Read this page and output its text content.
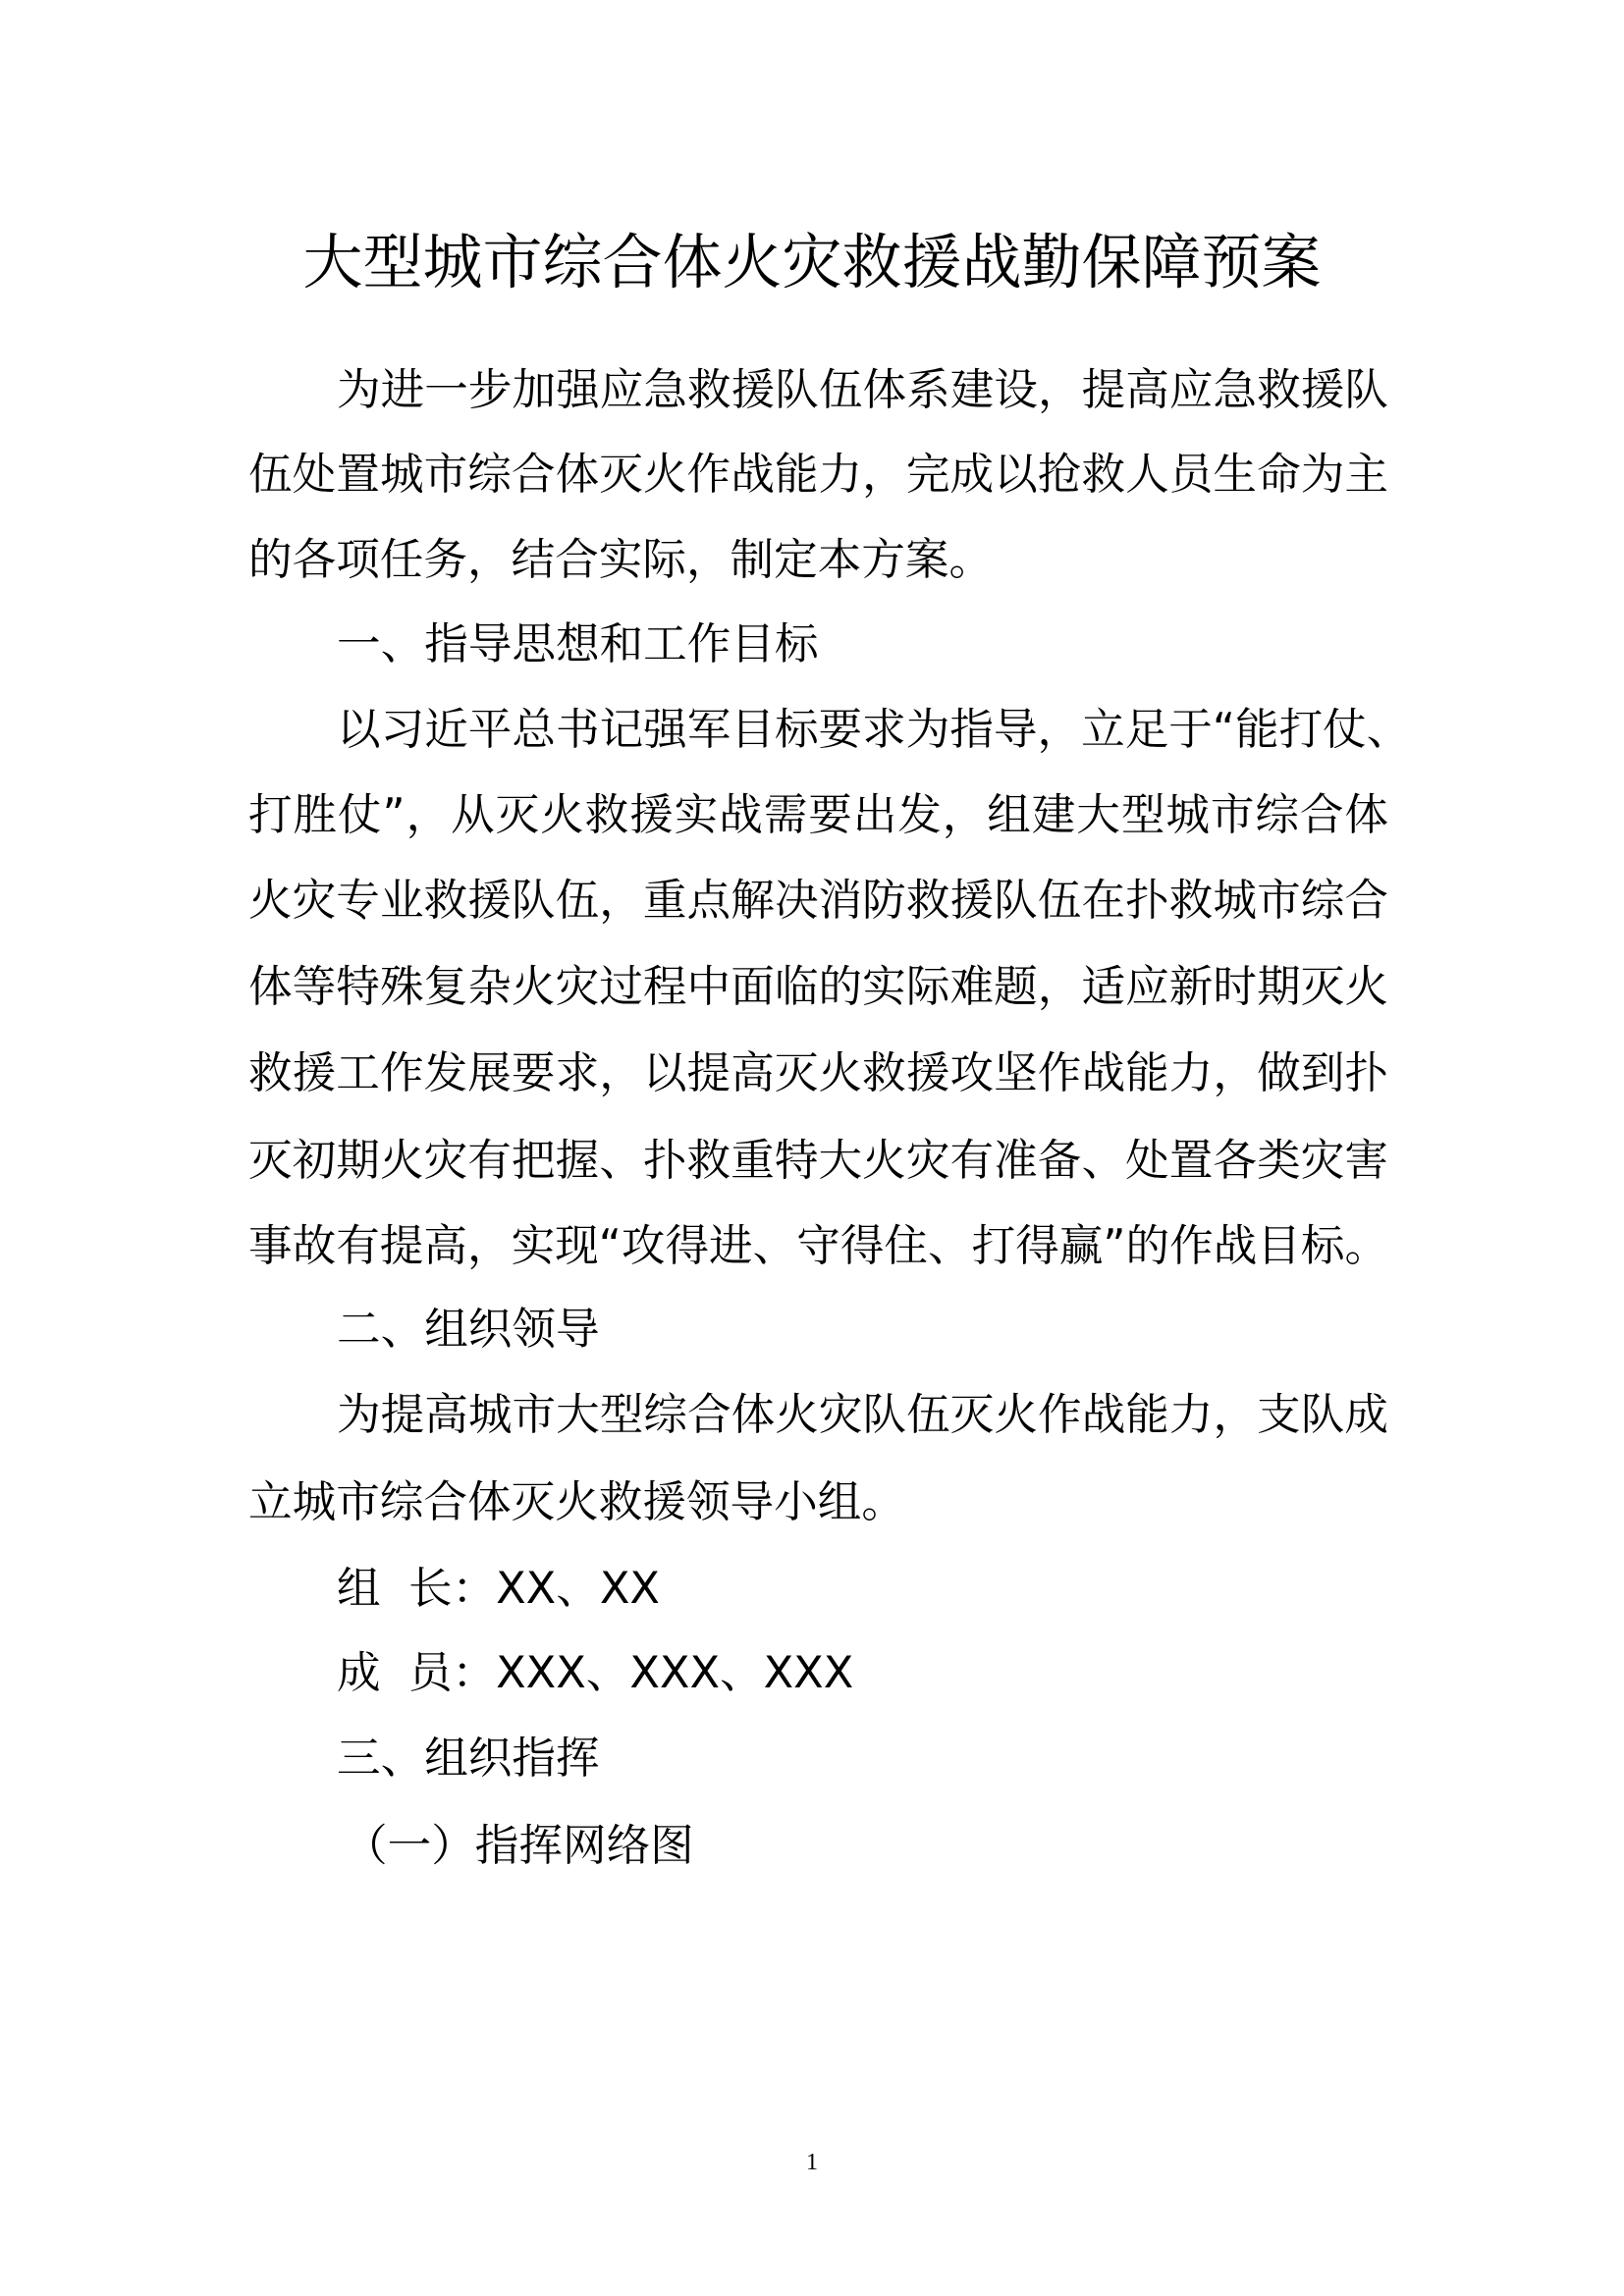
大型城市综合体火灾救援战勤保障预案
为进一步加强应急救援队伍体系建设，提高应急救援队
伍处置城市综合体灭火作战能力，完成以抢救人员生命为主
的各项任务，结合实际，制定本方案。
一、指导思想和工作目标
以习近平总书记强军目标要求为指导，立足于“能打仗、
打胜仗”，从灭火救援实战需要出发，组建大型城市综合体
火灾专业救援队伍，重点解决消防救援队伍在扑救城市综合
体等特殊复杂火灾过程中面临的实际难题，适应新时期灭火
救援工作发展要求，以提高灭火救援攻坚作战能力，做到扑
灭初期火灾有把握、扑救重特大火灾有准备、处置各类灾害
事故有提高，实现“攻得进、守得住、打得赢”的作战目标。
二、组织领导
为提高城市大型综合体火灾队伍灭火作战能力，支队成
立城市综合体灭火救援领导小组。
组  长：XX、XX
成  员：XXX、XXX、XXX
三、组织指挥
（一）指挥网络图
1
